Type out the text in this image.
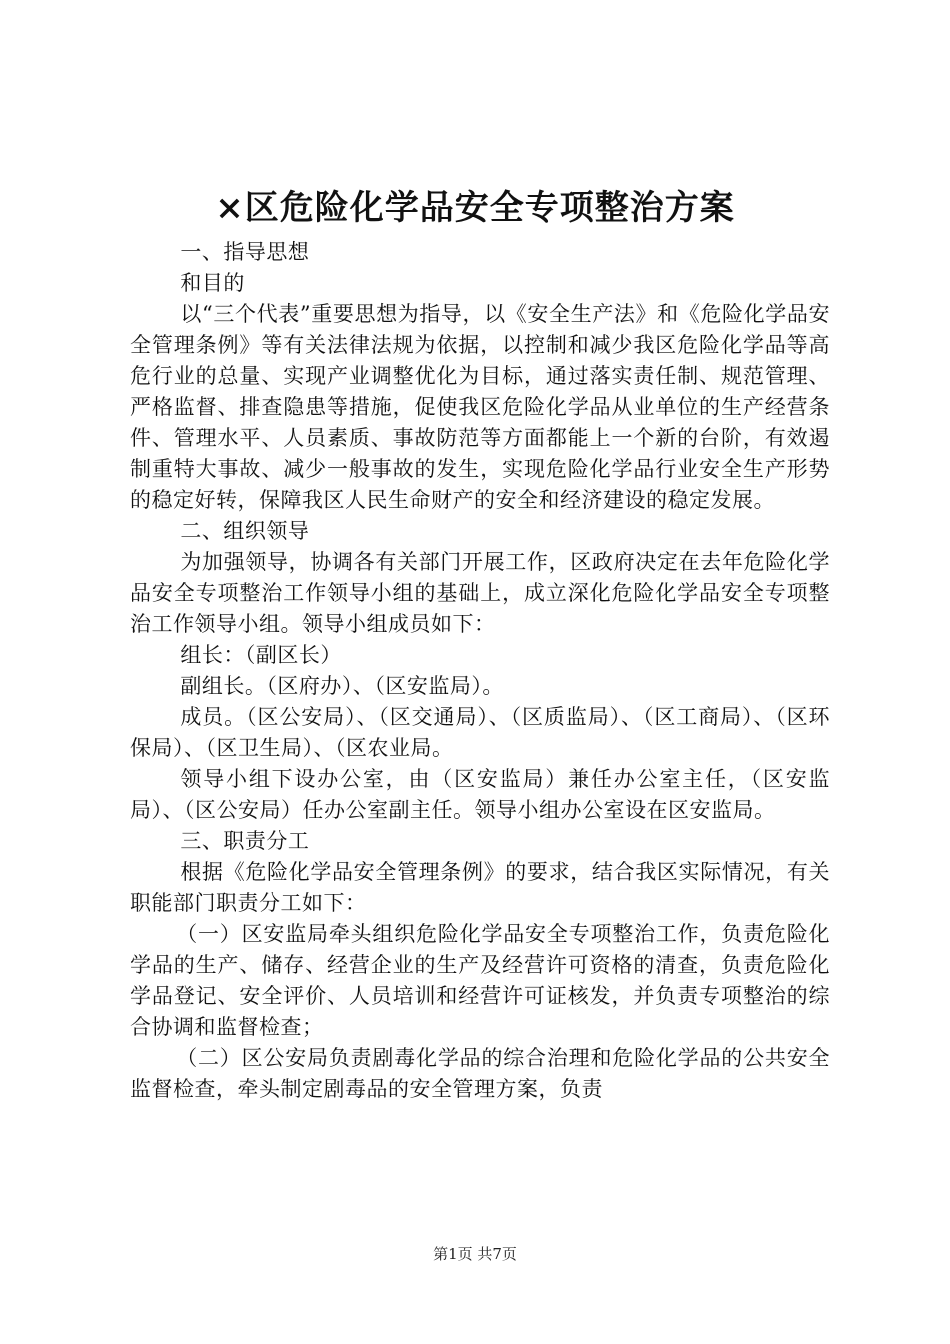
×区危险化学品安全专项整治方案

一、指导思想

和目的

以“三个代表”重要思想为指导，以《安全生产法》和《危险化学品安全管理条例》等有关法律法规为依据，以控制和减少我区危险化学品等高危行业的总量、实现产业调整优化为目标，通过落实责任制、规范管理、严格监督、排查隐患等措施，促使我区危险化学品从业单位的生产经营条件、管理水平、人员素质、事故防范等方面都能上一个新的台阶，有效遏制重特大事故、减少一般事故的发生，实现危险化学品行业安全生产形势的稳定好转，保障我区人民生命财产的安全和经济建设的稳定发展。

二、组织领导

为加强领导，协调各有关部门开展工作，区政府决定在去年危险化学品安全专项整治工作领导小组的基础上，成立深化危险化学品安全专项整治工作领导小组。领导小组成员如下：

组长：（副区长）

副组长。（区府办）、（区安监局）。

成员。（区公安局）、（区交通局）、（区质监局）、（区工商局）、（区环保局）、（区卫生局）、（区农业局。

领导小组下设办公室，由（区安监局）兼任办公室主任，（区安监局）、（区公安局）任办公室副主任。领导小组办公室设在区安监局。

三、职责分工

根据《危险化学品安全管理条例》的要求，结合我区实际情况，有关职能部门职责分工如下：

（一）区安监局牵头组织危险化学品安全专项整治工作，负责危险化学品的生产、储存、经营企业的生产及经营许可资格的清查，负责危险化学品登记、安全评价、人员培训和经营许可证核发，并负责专项整治的综合协调和监督检查；

（二）区公安局负责剧毒化学品的综合治理和危险化学品的公共安全监督检查，牵头制定剧毒品的安全管理方案，负责

第1页 共7页
